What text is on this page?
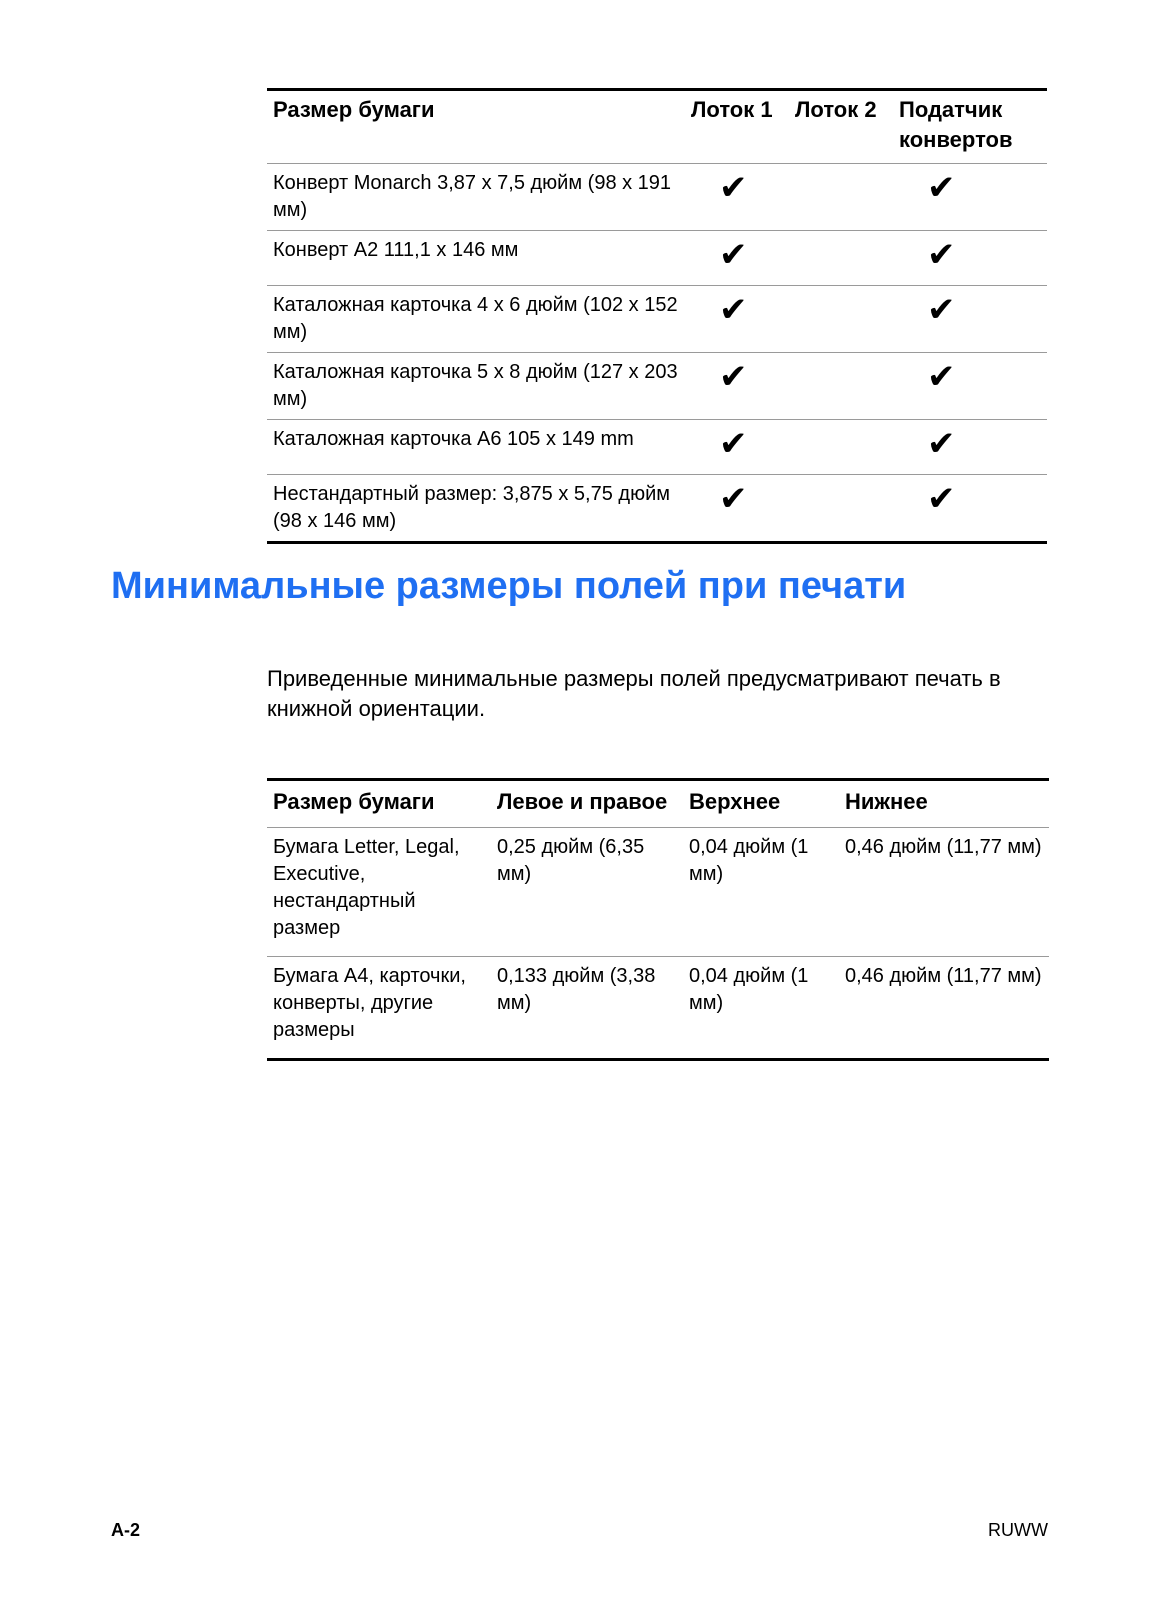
Размер бумаги	Лоток 1	Лоток 2	Податчик конвертов
Конверт Monarch 3,87 x 7,5 дюйм (98 x 191 мм)	✔		✔
Конверт A2 111,1 x 146 мм	✔		✔
Каталожная карточка 4 x 6 дюйм (102 x 152 мм)	✔		✔
Каталожная карточка 5 x 8 дюйм (127 x 203 мм)	✔		✔
Каталожная карточка A6 105 x 149 mm	✔		✔
Нестандартный размер: 3,875 x 5,75 дюйм (98 x 146 мм)	✔		✔
Минимальные размеры полей при печати

Приведенные минимальные размеры полей предусматривают печать в книжной ориентации.

Размер бумаги	Левое и правое	Верхнее	Нижнее
Бумага Letter, Legal, Executive, нестандартный размер	0,25 дюйм (6,35 мм)	0,04 дюйм (1 мм)	0,46 дюйм (11,77 мм)
Бумага A4, карточки, конверты, другие размеры	0,133 дюйм (3,38 мм)	0,04 дюйм (1 мм)	0,46 дюйм (11,77 мм)
A-2	RUWW
